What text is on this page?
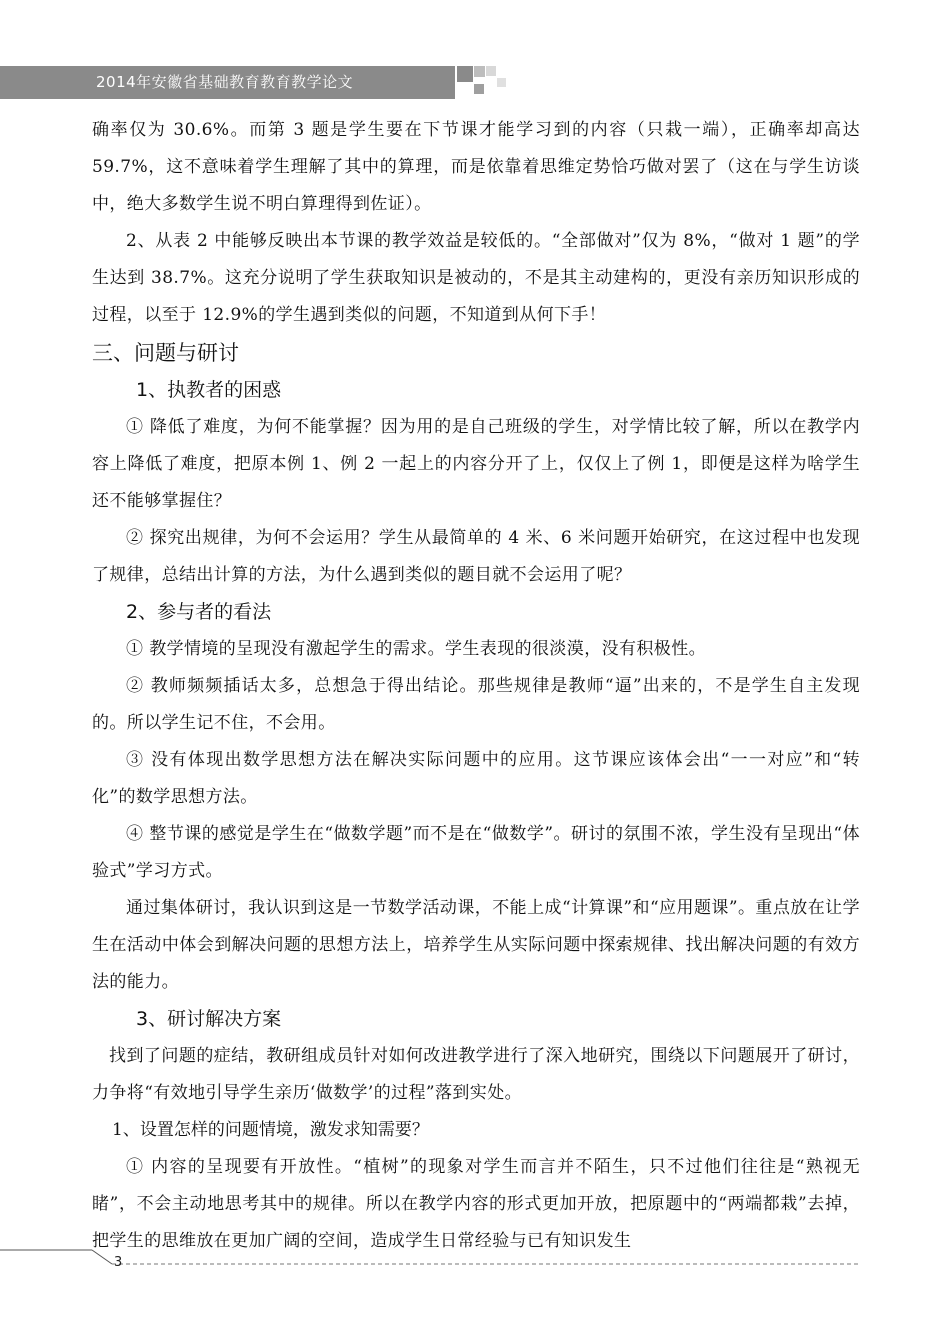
2014年安徽省基础教育教育教学论文

确率仅为 30.6%。而第 3 题是学生要在下节课才能学习到的内容（只栽一端），正确率却高达 59.7%，这不意味着学生理解了其中的算理，而是依靠着思维定势恰巧做对罢了（这在与学生访谈中，绝大多数学生说不明白算理得到佐证）。

2、从表 2 中能够反映出本节课的教学效益是较低的。“全部做对”仅为 8%，“做对 1 题”的学生达到 38.7%。这充分说明了学生获取知识是被动的，不是其主动建构的，更没有亲历知识形成的过程，以至于 12.9%的学生遇到类似的问题，不知道到从何下手！

三、问题与研讨

1、执教者的困惑

① 降低了难度，为何不能掌握？因为用的是自己班级的学生，对学情比较了解，所以在教学内容上降低了难度，把原本例 1、例 2 一起上的内容分开了上，仅仅上了例 1，即便是这样为啥学生还不能够掌握住？

② 探究出规律，为何不会运用？学生从最简单的 4 米、6 米问题开始研究，在这过程中也发现了规律，总结出计算的方法，为什么遇到类似的题目就不会运用了呢？

2、参与者的看法

① 教学情境的呈现没有激起学生的需求。学生表现的很淡漠，没有积极性。

② 教师频频插话太多，总想急于得出结论。那些规律是教师“逼”出来的，不是学生自主发现的。所以学生记不住，不会用。

③ 没有体现出数学思想方法在解决实际问题中的应用。这节课应该体会出“一一对应”和“转化”的数学思想方法。

④ 整节课的感觉是学生在“做数学题”而不是在“做数学”。研讨的氛围不浓，学生没有呈现出“体验式”学习方式。

通过集体研讨，我认识到这是一节数学活动课，不能上成“计算课”和“应用题课”。重点放在让学生在活动中体会到解决问题的思想方法上，培养学生从实际问题中探索规律、找出解决问题的有效方法的能力。

3、研讨解决方案

找到了问题的症结，教研组成员针对如何改进教学进行了深入地研究，围绕以下问题展开了研讨，力争将“有效地引导学生亲历‘做数学’的过程”落到实处。

1、设置怎样的问题情境，激发求知需要？

① 内容的呈现要有开放性。“植树”的现象对学生而言并不陌生，只不过他们往往是“熟视无睹”，不会主动地思考其中的规律。所以在教学内容的形式更加开放，把原题中的“两端都栽”去掉，把学生的思维放在更加广阔的空间，造成学生日常经验与已有知识发生

3
